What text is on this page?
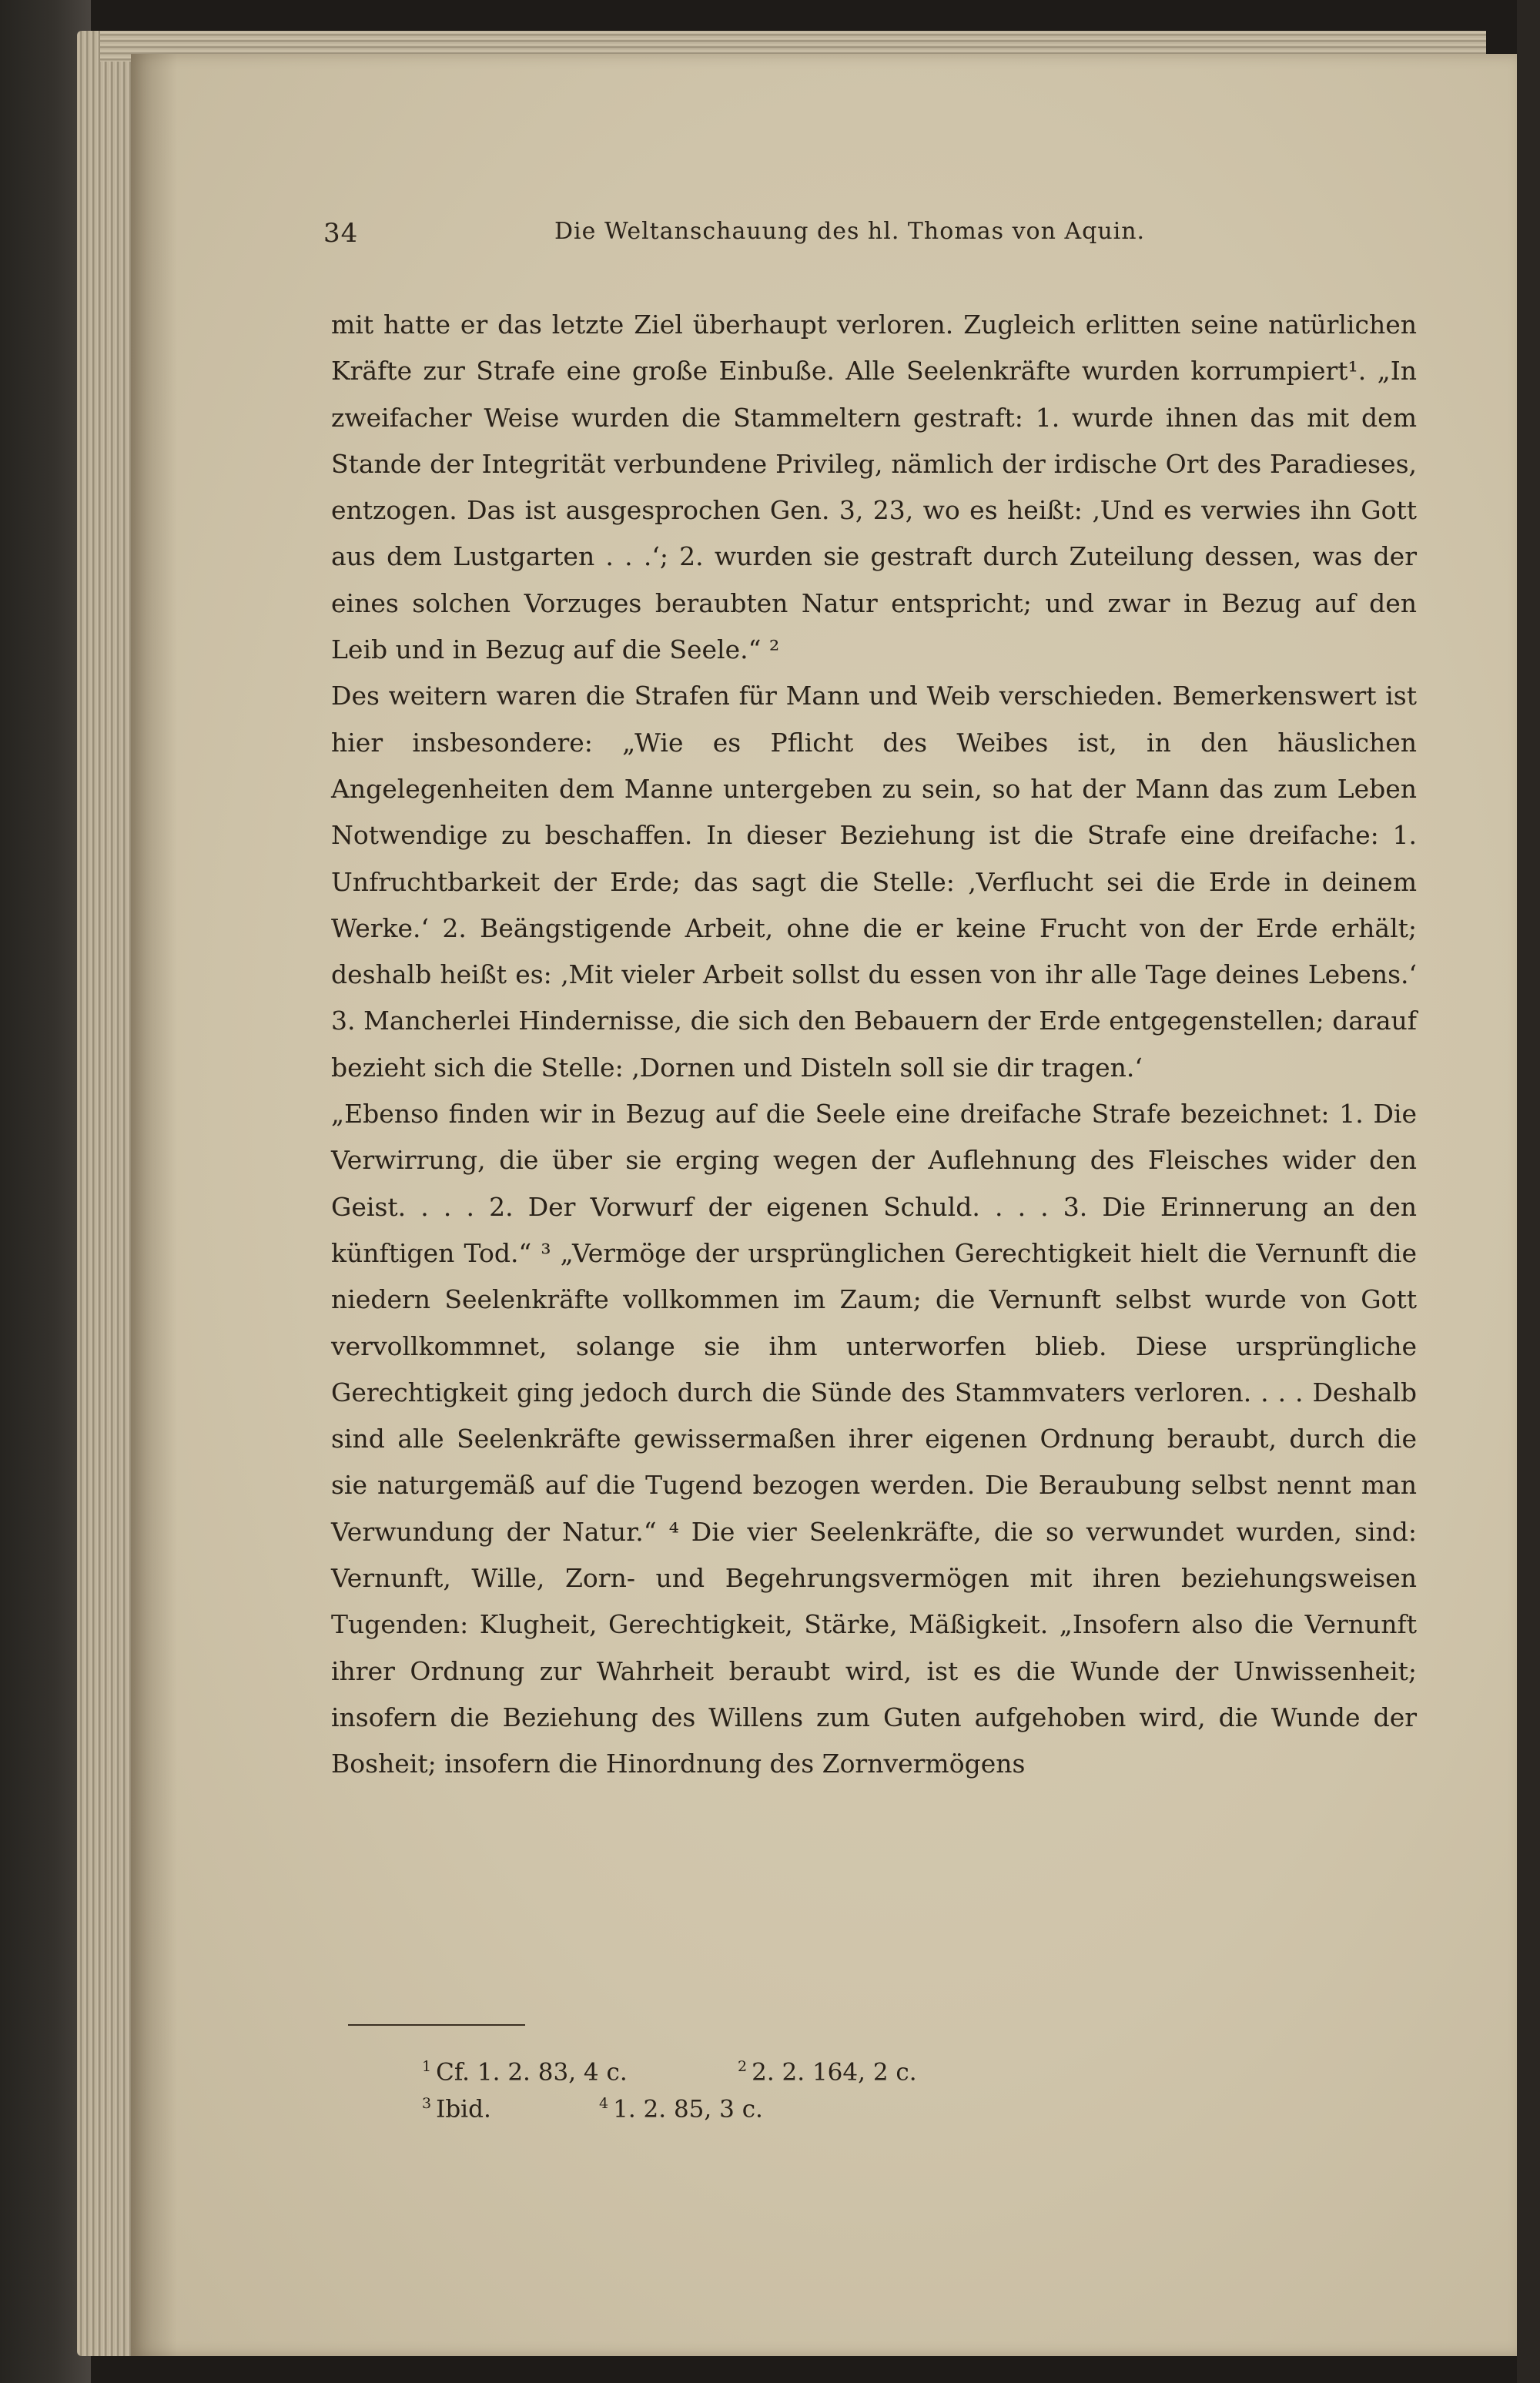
34	Die Weltanschauung des hl. Thomas von Aquin.

mit hatte er das letzte Ziel überhaupt verloren. Zugleich erlitten seine natürlichen Kräfte zur Strafe eine große Einbuße. Alle Seelenkräfte wurden korrumpiert¹. „In zweifacher Weise wurden die Stammeltern gestraft: 1. wurde ihnen das mit dem Stande der Integrität verbundene Privileg, nämlich der irdische Ort des Paradieses, entzogen. Das ist ausgesprochen Gen. 3, 23, wo es heißt: ‚Und es verwies ihn Gott aus dem Lustgarten . . .‘; 2. wurden sie gestraft durch Zuteilung dessen, was der eines solchen Vorzuges beraubten Natur entspricht; und zwar in Bezug auf den Leib und in Bezug auf die Seele.“ ²

Des weitern waren die Strafen für Mann und Weib verschieden. Bemerkenswert ist hier insbesondere: „Wie es Pflicht des Weibes ist, in den häuslichen Angelegenheiten dem Manne untergeben zu sein, so hat der Mann das zum Leben Notwendige zu beschaffen. In dieser Beziehung ist die Strafe eine dreifache: 1. Unfruchtbarkeit der Erde; das sagt die Stelle: ‚Verflucht sei die Erde in deinem Werke.‘ 2. Beängstigende Arbeit, ohne die er keine Frucht von der Erde erhält; deshalb heißt es: ‚Mit vieler Arbeit sollst du essen von ihr alle Tage deines Lebens.‘ 3. Mancherlei Hindernisse, die sich den Bebauern der Erde entgegenstellen; darauf bezieht sich die Stelle: ‚Dornen und Disteln soll sie dir tragen.‘

„Ebenso finden wir in Bezug auf die Seele eine dreifache Strafe bezeichnet: 1. Die Verwirrung, die über sie erging wegen der Auflehnung des Fleisches wider den Geist. . . . 2. Der Vorwurf der eigenen Schuld. . . . 3. Die Erinnerung an den künftigen Tod.“ ³ „Vermöge der ursprünglichen Gerechtigkeit hielt die Vernunft die niedern Seelenkräfte vollkommen im Zaum; die Vernunft selbst wurde von Gott vervollkommnet, solange sie ihm unterworfen blieb. Diese ursprüngliche Gerechtigkeit ging jedoch durch die Sünde des Stammvaters verloren. . . . Deshalb sind alle Seelenkräfte gewissermaßen ihrer eigenen Ordnung beraubt, durch die sie naturgemäß auf die Tugend bezogen werden. Die Beraubung selbst nennt man Verwundung der Natur.“ ⁴ Die vier Seelenkräfte, die so verwundet wurden, sind: Vernunft, Wille, Zorn- und Begehrungsvermögen mit ihren beziehungsweisen Tugenden: Klugheit, Gerechtigkeit, Stärke, Mäßigkeit. „Insofern also die Vernunft ihrer Ordnung zur Wahrheit beraubt wird, ist es die Wunde der Unwissenheit; insofern die Beziehung des Willens zum Guten aufgehoben wird, die Wunde der Bosheit; insofern die Hinordnung des Zornvermögens

$^1$ Cf. 1. 2. 83, 4 c.	$^2$ 2. 2. 164, 2 c.
$^3$ Ibid.	$^4$ 1. 2. 85, 3 c.
